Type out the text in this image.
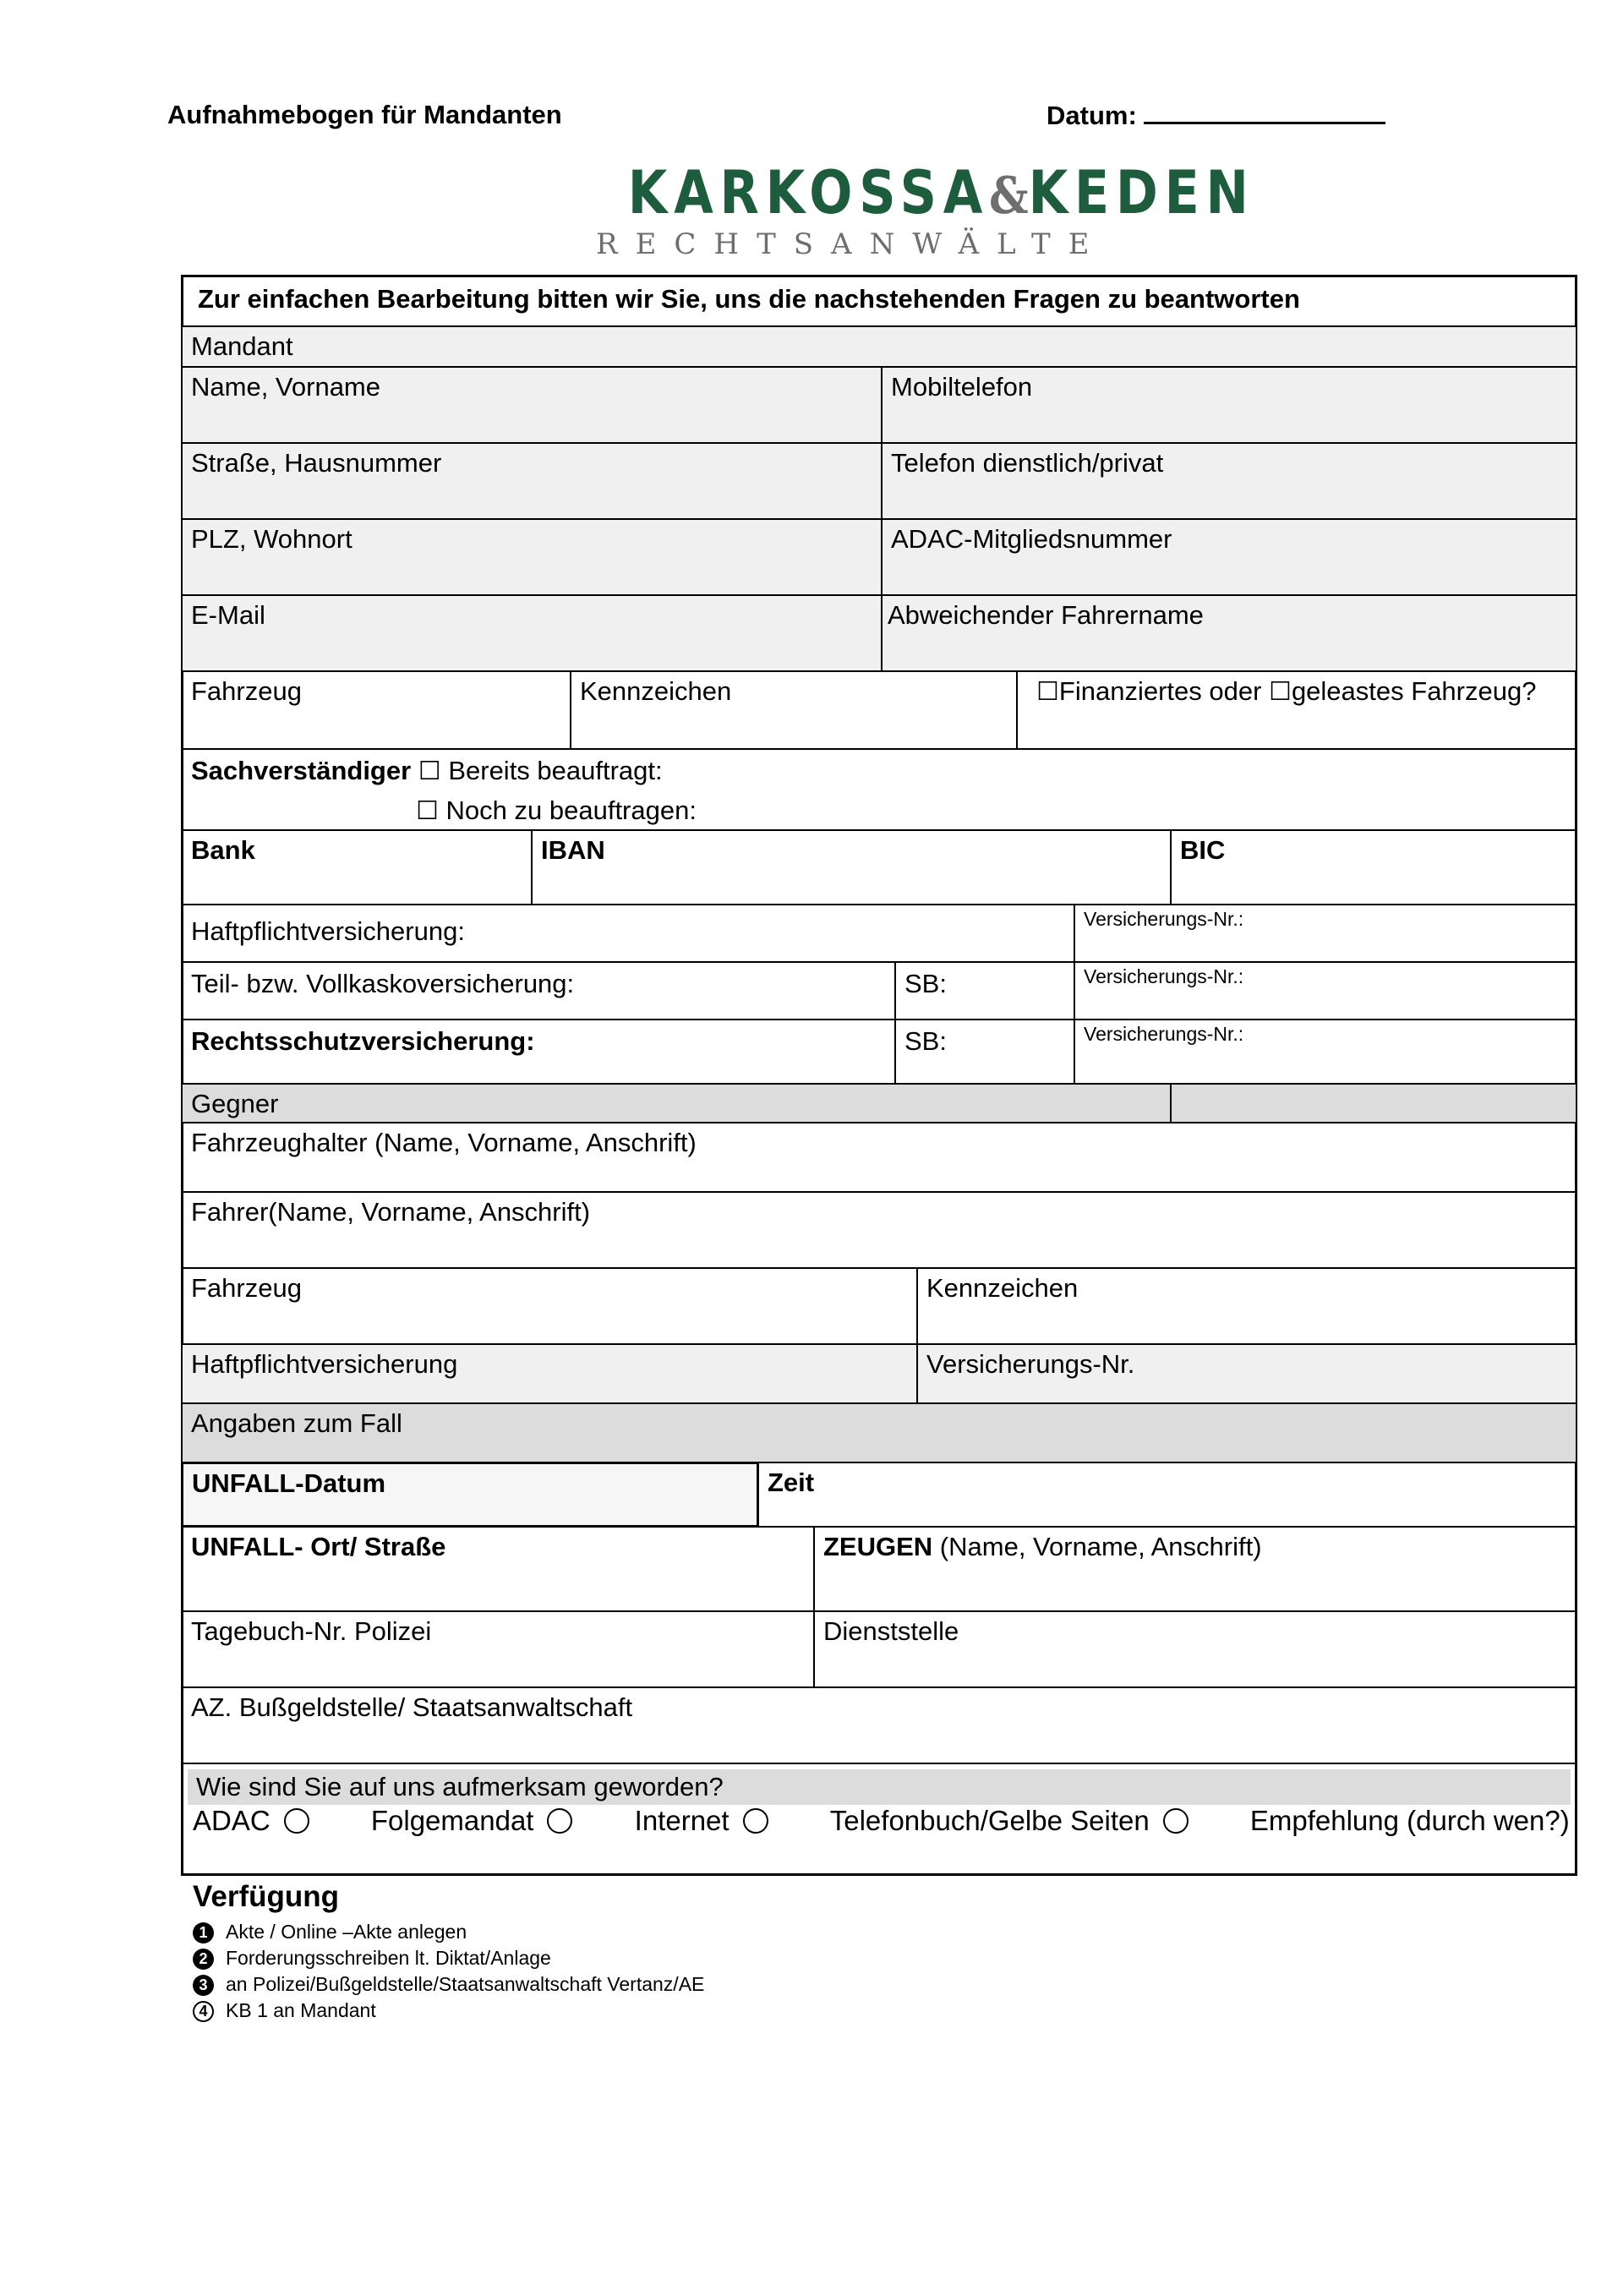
Aufnahmebogen für Mandanten	Datum:
KARKOSSA&KEDEN
RECHTSANWÄLTE
Zur einfachen Bearbeitung bitten wir Sie, uns die nachstehenden Fragen zu beantworten
Mandant
Name, Vorname	Mobiltelefon
Straße, Hausnummer	Telefon dienstlich/privat
PLZ, Wohnort	ADAC-Mitgliedsnummer
E-Mail	Abweichender Fahrername
Fahrzeug	Kennzeichen	☐Finanziertes oder ☐geleastes Fahrzeug?
Sachverständiger ☐ Bereits beauftragt:
☐ Noch zu beauftragen:
Bank	IBAN	BIC
Haftpflichtversicherung:	Versicherungs-Nr.:
Teil- bzw. Vollkaskoversicherung:	SB:	Versicherungs-Nr.:
Rechtsschutzversicherung:	SB:	Versicherungs-Nr.:
Gegner
Fahrzeughalter (Name, Vorname, Anschrift)
Fahrer(Name, Vorname, Anschrift)
Fahrzeug	Kennzeichen
Haftpflichtversicherung	Versicherungs-Nr.
Angaben zum Fall
UNFALL-Datum	Zeit
UNFALL- Ort/ Straße	ZEUGEN (Name, Vorname, Anschrift)
Tagebuch-Nr. Polizei	Dienststelle
AZ. Bußgeldstelle/ Staatsanwaltschaft
Wie sind Sie auf uns aufmerksam geworden?
ADAC	Folgemandat	Internet	Telefonbuch/Gelbe Seiten	Empfehlung (durch wen?)
Verfügung
1 Akte / Online –Akte anlegen
2 Forderungsschreiben lt. Diktat/Anlage
3 an Polizei/Bußgeldstelle/Staatsanwaltschaft Vertanz/AE
4 KB 1 an Mandant
